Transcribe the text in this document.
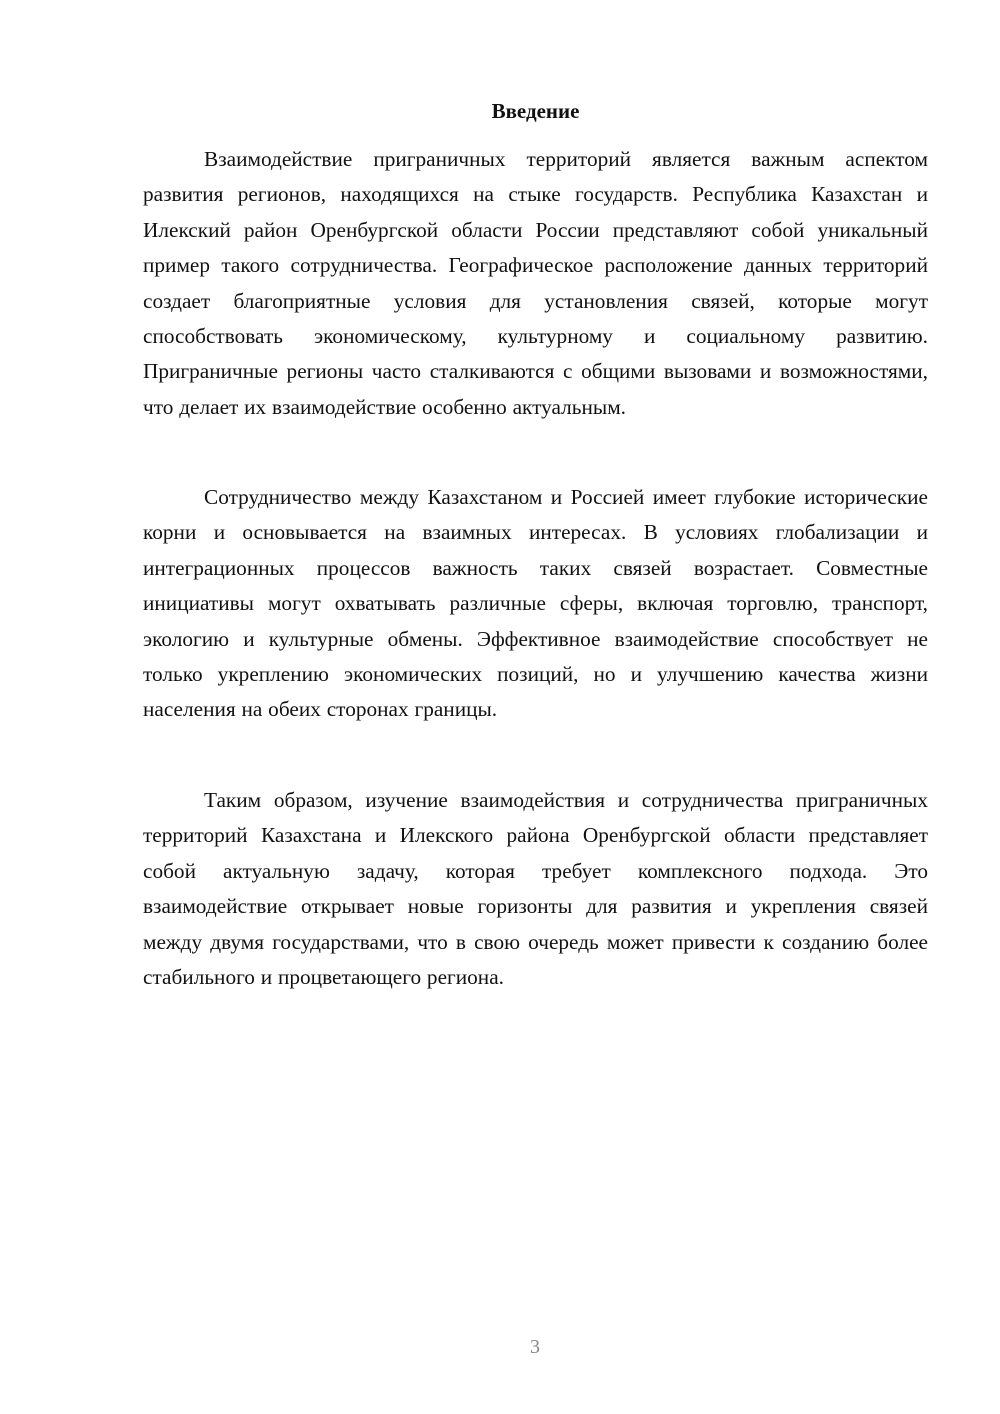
Введение

Взаимодействие приграничных территорий является важным аспектом развития регионов, находящихся на стыке государств. Республика Казахстан и Илекский район Оренбургской области России представляют собой уникальный пример такого сотрудничества. Географическое расположение данных территорий создает благоприятные условия для установления связей, которые могут способствовать экономическому, культурному и социальному развитию. Приграничные регионы часто сталкиваются с общими вызовами и возможностями, что делает их взаимодействие особенно актуальным.

Сотрудничество между Казахстаном и Россией имеет глубокие исторические корни и основывается на взаимных интересах. В условиях глобализации и интеграционных процессов важность таких связей возрастает. Совместные инициативы могут охватывать различные сферы, включая торговлю, транспорт, экологию и культурные обмены. Эффективное взаимодействие способствует не только укреплению экономических позиций, но и улучшению качества жизни населения на обеих сторонах границы.

Таким образом, изучение взаимодействия и сотрудничества приграничных территорий Казахстана и Илекского района Оренбургской области представляет собой актуальную задачу, которая требует комплексного подхода. Это взаимодействие открывает новые горизонты для развития и укрепления связей между двумя государствами, что в свою очередь может привести к созданию более стабильного и процветающего региона.

3
